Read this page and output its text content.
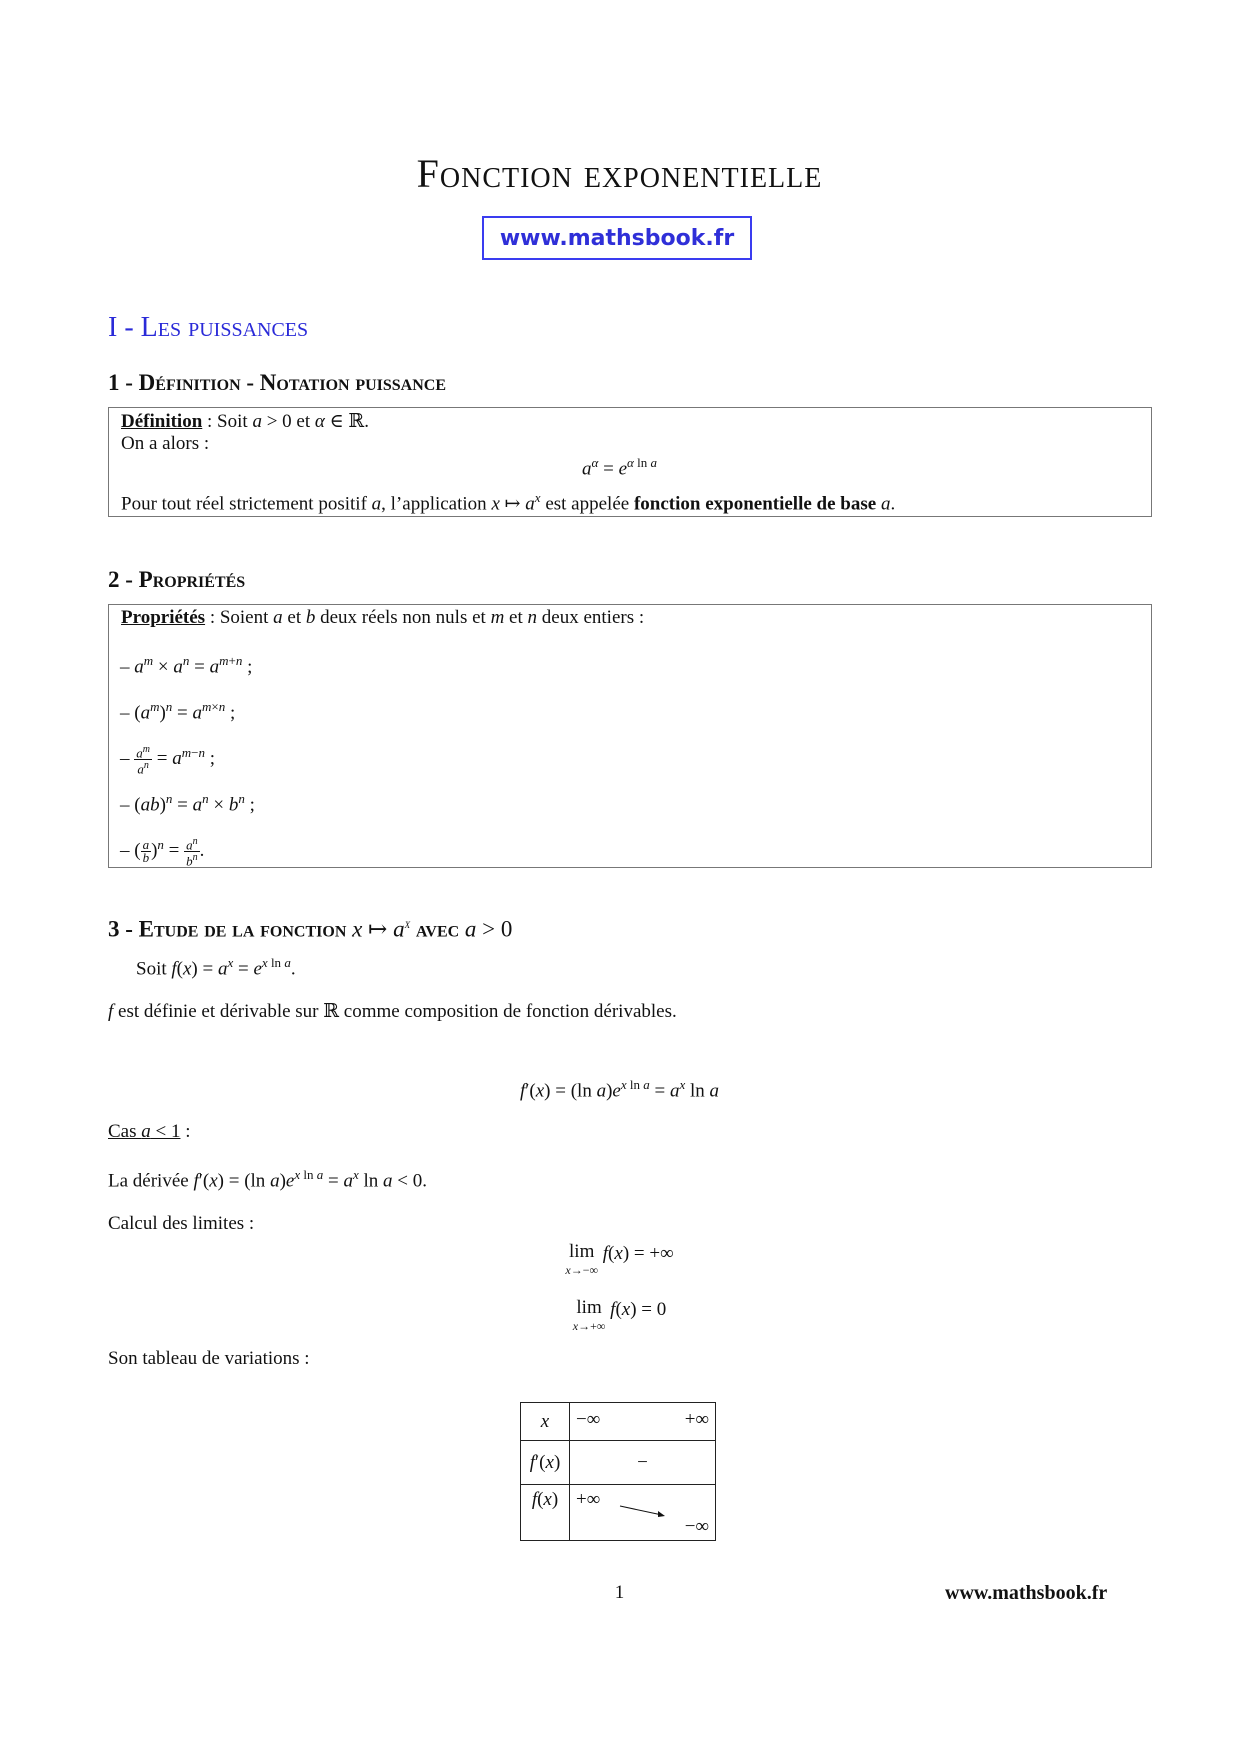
Fonction exponentielle
www.mathsbook.fr
I - Les puissances
1 - Définition - Notation puissance
Définition : Soit a > 0 et α ∈ ℝ.
On a alors :
$a^\alpha = e^{\alpha ln a}$
Pour tout réel strictement positif a, l’application x ↦ $a^x$ est appelée fonction exponentielle de base a.
2 - Propriétés
Propriétés : Soient a et b deux réels non nuls et m et n deux entiers :
– $a^m \times a^n = a^{m+n}$ ;
– $(a^m)^n = a^{m\times n}$ ;
– $\frac{a^m}{a^n} = a^{m-n}$ ;
– $(ab)^n = a^n \times b^n$ ;
– ( $\frac{a}{b} )^n = \frac{a^n}{b^n}$ .
3 - Etude de la fonction x ↦ $a^x$ avec a > 0
Soit $f(x) = a^x = e^{x ln a}$.
f est définie et dérivable sur ℝ comme composition de fonction dérivables.
f′(x) = (ln $a)e^{x ln a} = a^x$ ln a
Cas a < 1 :
La dérivée f′(x) = (ln $a)e^{x ln a} = a^x$ ln a < 0.
Calcul des limites :
lim
x→−∞
f(x) = +∞
lim
x→+∞
f(x) = 0
Son tableau de variations :
x	−∞ +∞

f′(x)	−
f(x)	+∞
−∞
1	www.mathsbook.fr
